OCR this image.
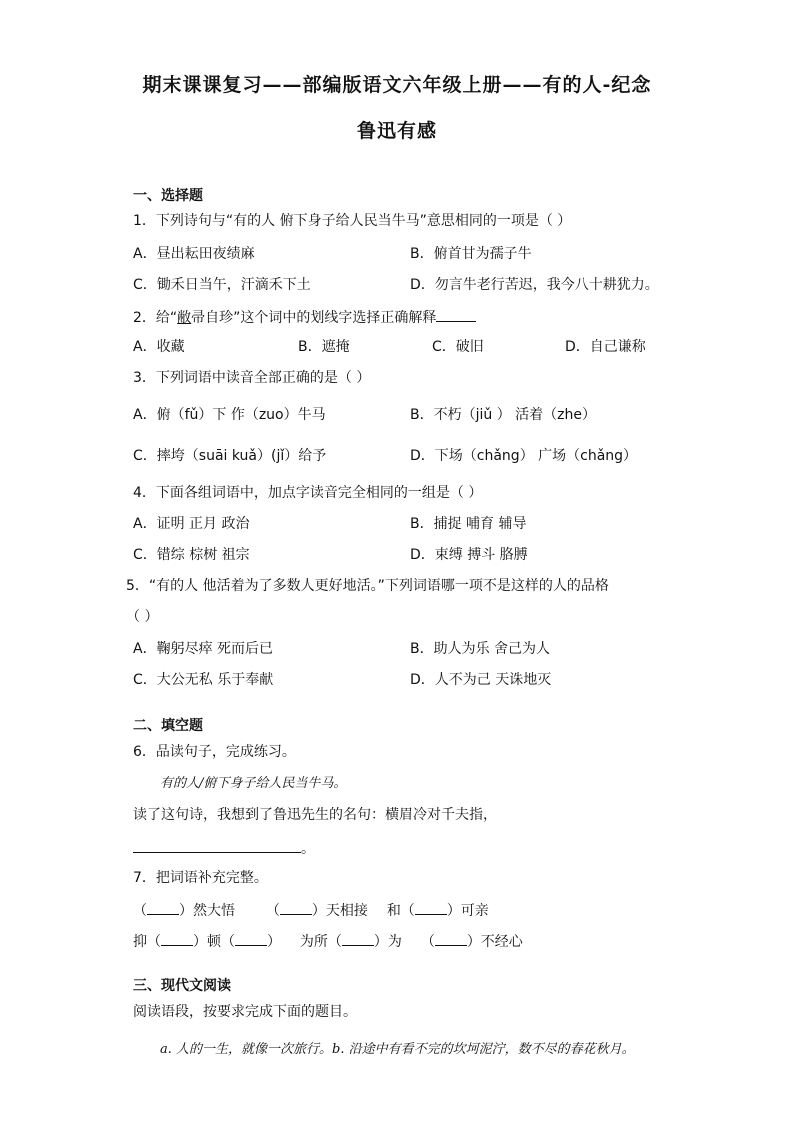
期末课课复习——部编版语文六年级上册——有的人-纪念
鲁迅有感
一、选择题
1．下列诗句与“有的人 俯下身子给人民当牛马”意思相同的一项是（ ）
A．昼出耘田夜绩麻	B．俯首甘为孺子牛
C．锄禾日当午，汗滴禾下土	D．勿言牛老行苦迟，我今八十耕犹力。
2．给“敝帚自珍”这个词中的划线字选择正确解释
A．收藏	B．遮掩	C．破旧	D．自己谦称
3．下列词语中读音全部正确的是（ ）
A．俯（fǔ）下 作（zuo）牛马	B．不朽（jiǔ ） 活着（zhe）
C．摔垮（suāi kuǎ）(jǐ）给予	D．下场（chǎng） 广场（chǎng）
4．下面各组词语中，加点字读音完全相同的一组是（ ）
A．证明 正月 政治	B．捕捉 哺育 辅导
C．错综 棕树 祖宗	D．束缚 搏斗 胳膊
5．“有的人 他活着为了多数人更好地活。”下列词语哪一项不是这样的人的品格
（ ）
A．鞠躬尽瘁 死而后已	B．助人为乐 舍己为人
C．大公无私 乐于奉献	D．人不为己 天诛地灭
二、填空题
6．品读句子，完成练习。
有的人/俯下身子给人民当牛马。
读了这句诗，我想到了鲁迅先生的名句：横眉冷对千夫指，
。
7．把词语补充完整。
（ ）然大悟 （ ）天相接 和（ ）可亲
抑（ ）顿（ ） 为所（ ）为 （ ）不经心
三、现代文阅读
阅读语段，按要求完成下面的题目。
a. 人的一生，就像一次旅行。b. 沿途中有看不完的坎坷泥泞，数不尽的春花秋月。
